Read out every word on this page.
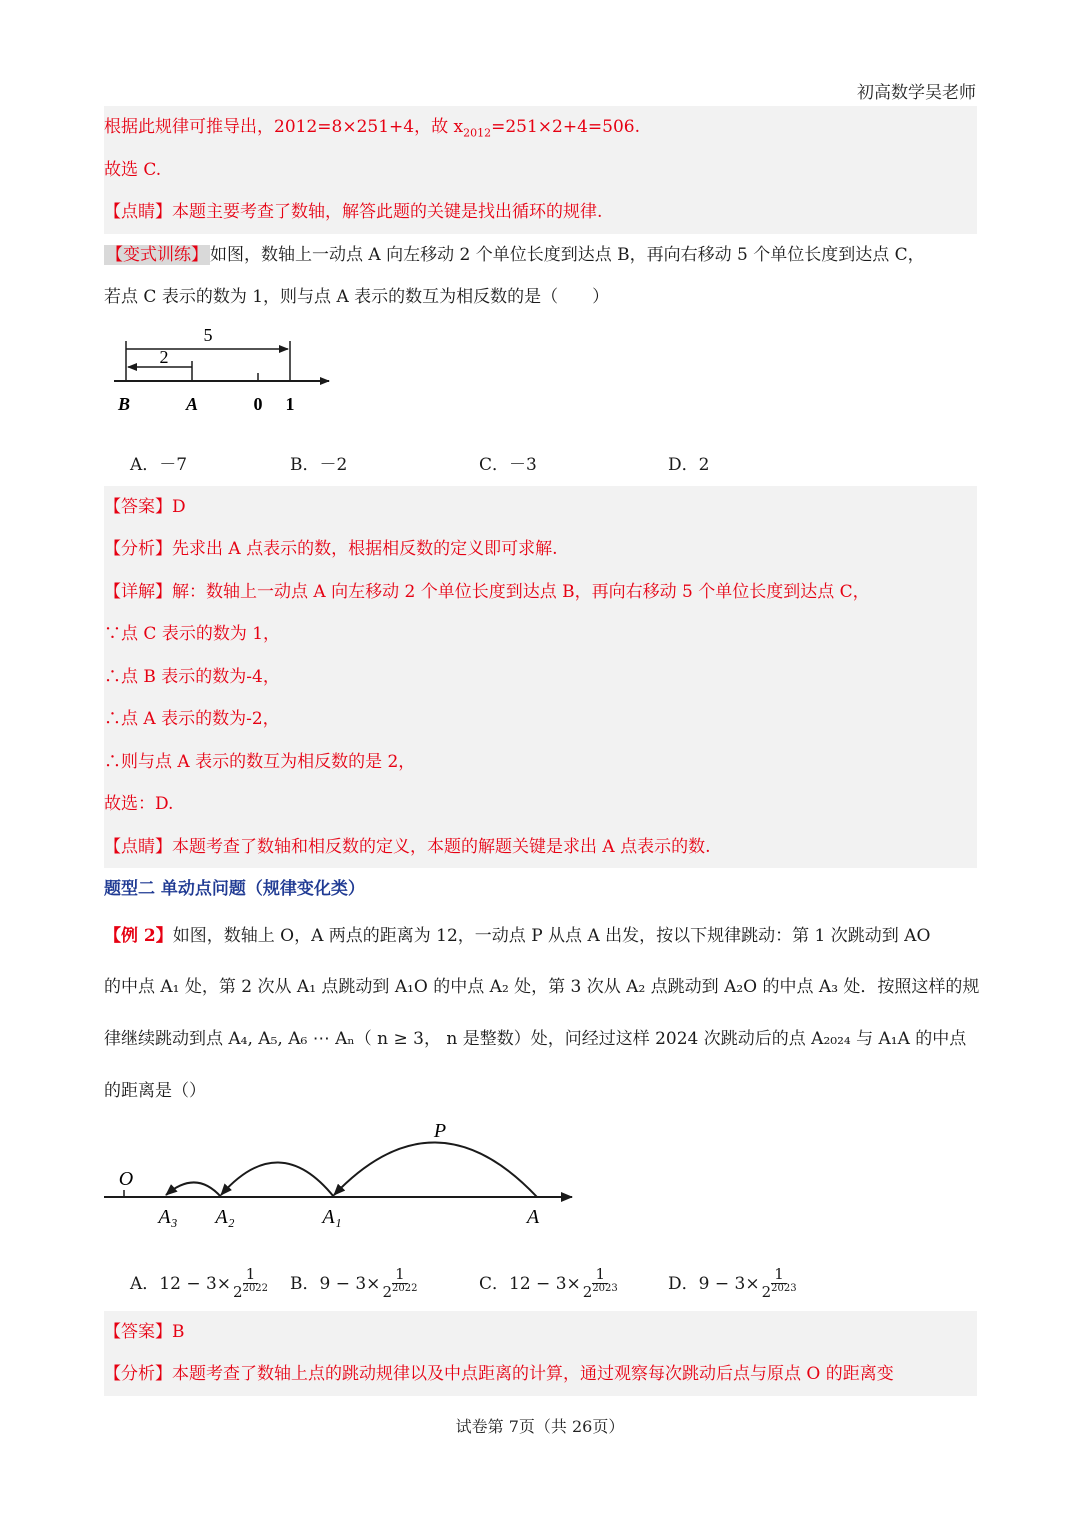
初高数学吴老师
根据此规律可推导出，2012=8×251+4，故 $x_{2012}=251\times 2+4=506$.
故选 C.
【点睛】本题主要考查了数轴，解答此题的关键是找出循环的规律.
【变式训练】 如图，数轴上一动点 A 向左移动 2 个单位长度到达点 B，再向右移动 5 个单位长度到达点 C，
若点 C 表示的数为 1，则与点 A 表示的数互为相反数的是（　　）
5
2
B	A	0 1
A．－7	B．－2	C．－3	D．2
【答案】D
【分析】先求出 A 点表示的数，根据相反数的定义即可求解.
【详解】解：数轴上一动点 A 向左移动 2 个单位长度到达点 B，再向右移动 5 个单位长度到达点 C，
∵点 C 表示的数为 1，
∴点 B 表示的数为-4，
∴点 A 表示的数为-2，
∴则与点 A 表示的数互为相反数的是 2，
故选：D.
【点睛】本题考查了数轴和相反数的定义，本题的解题关键是求出 A 点表示的数.
题型二 单动点问题（规律变化类）
【例 2】如图，数轴上 O，A 两点的距离为 12，一动点 P 从点 A 出发，按以下规律跳动：第 1 次跳动到 AO
的中点 A₁ 处，第 2 次从 A₁ 点跳动到 A₁O 的中点 A₂ 处，第 3 次从 A₂ 点跳动到 A₂O 的中点 A₃ 处．按照这样的规
律继续跳动到点 A₄, A₅, A₆ ⋯ Aₙ（ n ≥ 3， n 是整数）处，问经过这样 2024 次跳动后的点 A₂₀₂₄ 与 A₁A 的中点
的距离是（）
O
P
A₃ A₂	A₁	A
A．$12 - 3\times \frac{1}{2^{2022}}$ B．$9 - 3\times \frac{1}{2^{2022}}$	C．$12 - 3\times \frac{1}{2^{2023}}$	D．$9 - 3\times \frac{1}{2^{2023}}$
【答案】B
【分析】本题考查了数轴上点的跳动规律以及中点距离的计算，通过观察每次跳动后点与原点 O 的距离变
试卷第 7页（共 26页）
